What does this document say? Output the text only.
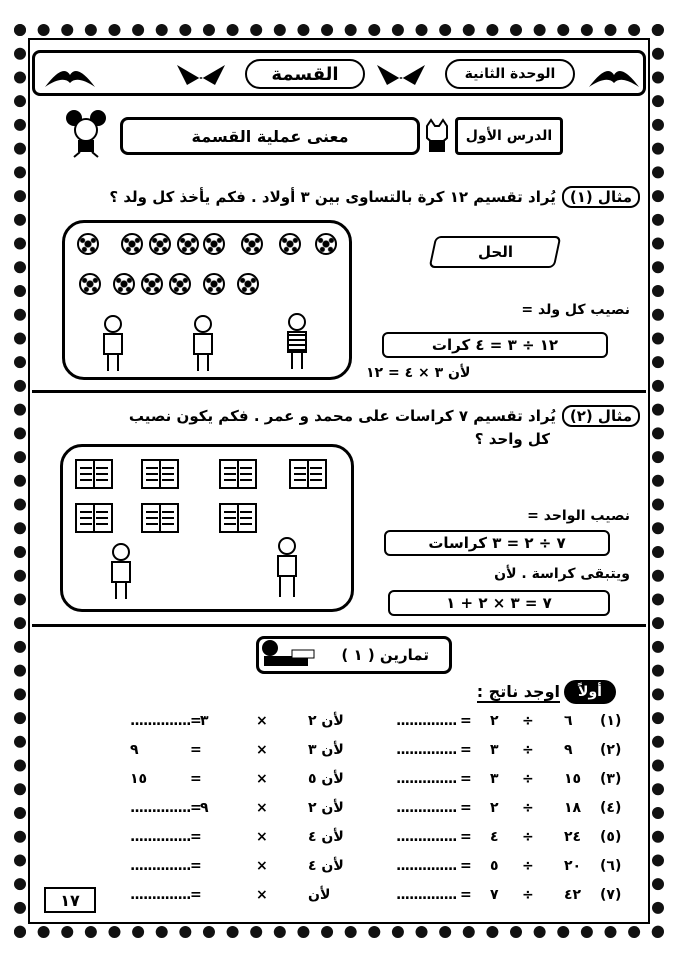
القسمة	الوحدة الثانية
معنى عملية القسمة	الدرس الأول
مثال (١)يُراد تقسيم ١٢ كرة بالتساوى بين ٣ أولاد . فكم يأخذ كل ولد ؟
الحل
نصيب كل ولد =
١٢ ÷ ٣ = ٤ كرات
لأن ٣ × ٤ = ١٢
مثال (٢)يُراد تقسيم ٧ كراسات على محمد و عمر . فكم يكون نصيب
كل واحد ؟
نصيب الواحد =
٧ ÷ ٢ = ٣ كراسات
ويتبقى كراسة . لأن
٧ = ٣ × ٢ + ١
تمارين ( ١ )
أولاً
اوجد ناتج :
(١)
٦
÷
٢
=
..............
لأن ٢
×
٣
=
..............
(٢)
٩
÷
٣
=
..............
لأن ٣
×
=
٩
(٣)
١٥
÷
٣
=
..............
لأن ٥
×
=
١٥
(٤)
١٨
÷
٢
=
..............
لأن ٢
×
٩
=
..............
(٥)
٢٤
÷
٤
=
..............
لأن ٤
×
=
..............
(٦)
٢٠
÷
٥
=
..............
لأن ٤
×
=
..............
(٧)
٤٢
÷
٧
=
..............
لأن
×
=
..............
١٧
